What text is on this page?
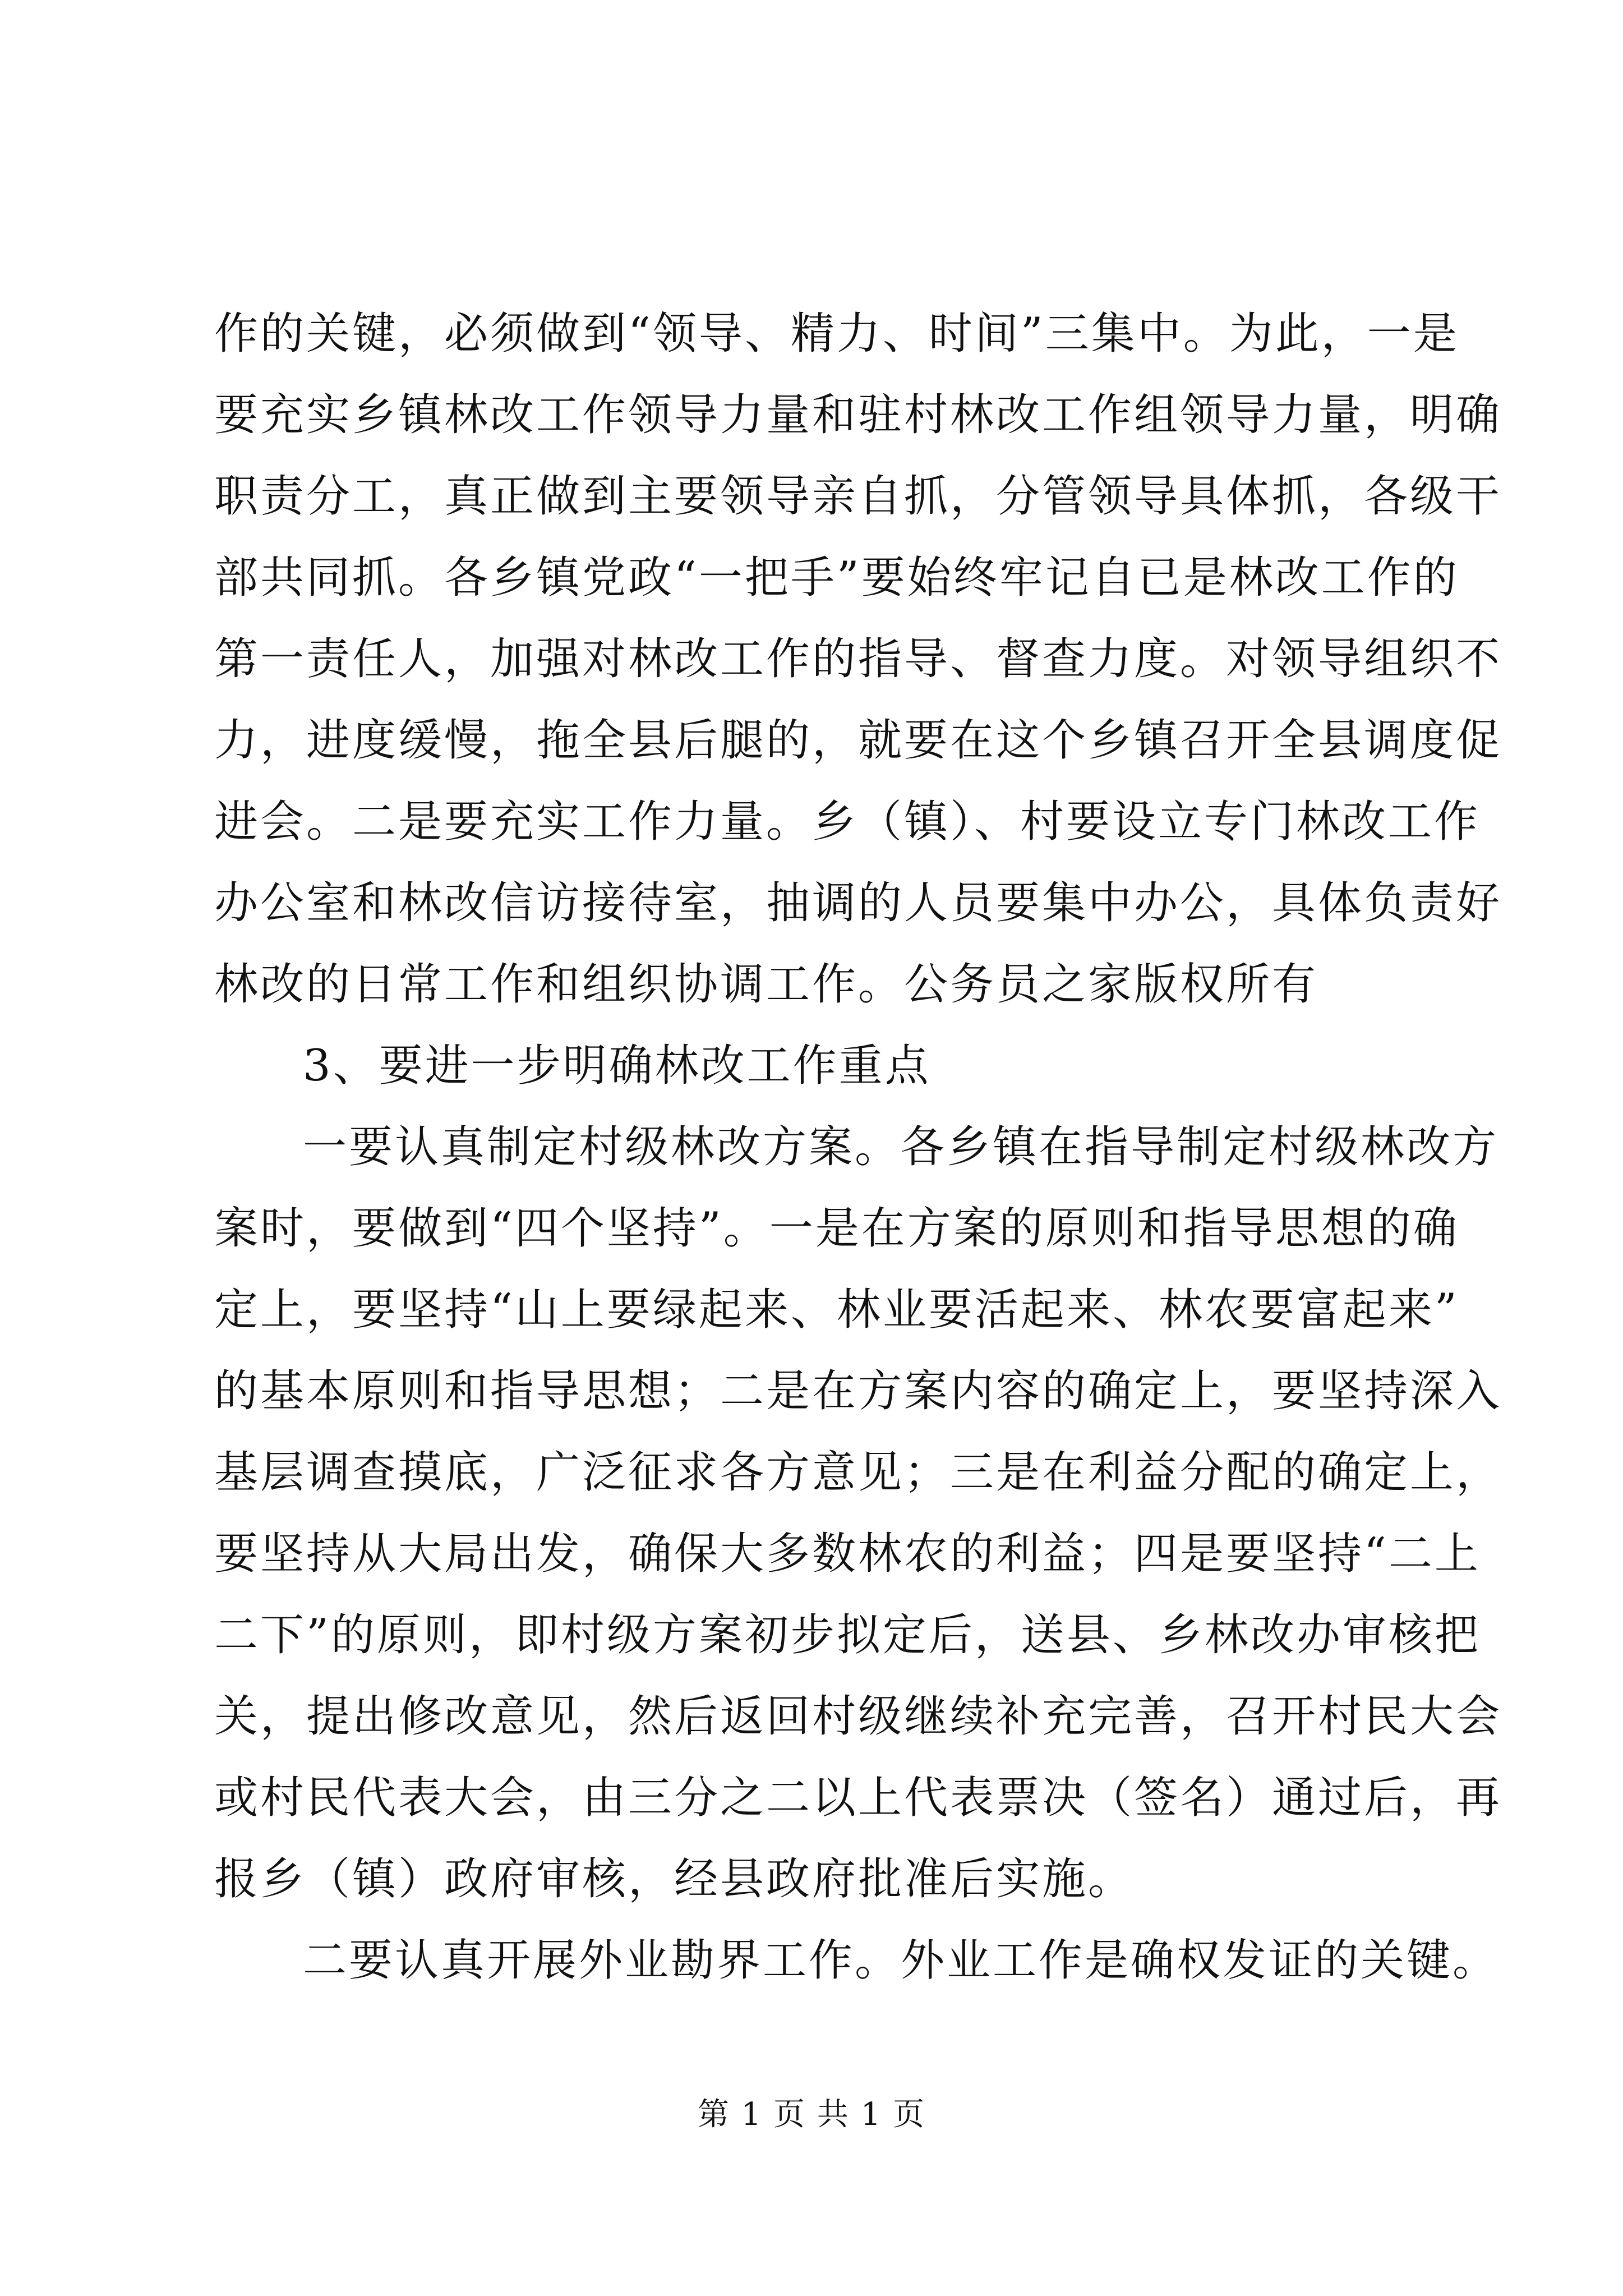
作的关键，必须做到“领导、精力、时间”三集中。为此，一是
要充实乡镇林改工作领导力量和驻村林改工作组领导力量，明确
职责分工，真正做到主要领导亲自抓，分管领导具体抓，各级干
部共同抓。各乡镇党政“一把手”要始终牢记自已是林改工作的
第一责任人，加强对林改工作的指导、督查力度。对领导组织不
力，进度缓慢，拖全县后腿的，就要在这个乡镇召开全县调度促
进会。二是要充实工作力量。乡（镇）、村要设立专门林改工作
办公室和林改信访接待室，抽调的人员要集中办公，具体负责好
林改的日常工作和组织协调工作。公务员之家版权所有
3、要进一步明确林改工作重点
一要认真制定村级林改方案。各乡镇在指导制定村级林改方
案时，要做到“四个坚持”。一是在方案的原则和指导思想的确
定上，要坚持“山上要绿起来、林业要活起来、林农要富起来”
的基本原则和指导思想；二是在方案内容的确定上，要坚持深入
基层调查摸底，广泛征求各方意见；三是在利益分配的确定上，
要坚持从大局出发，确保大多数林农的利益；四是要坚持“二上
二下”的原则，即村级方案初步拟定后，送县、乡林改办审核把
关，提出修改意见，然后返回村级继续补充完善，召开村民大会
或村民代表大会，由三分之二以上代表票决（签名）通过后，再
报乡（镇）政府审核，经县政府批准后实施。
二要认真开展外业勘界工作。外业工作是确权发证的关键。
第 1 页 共 1 页
